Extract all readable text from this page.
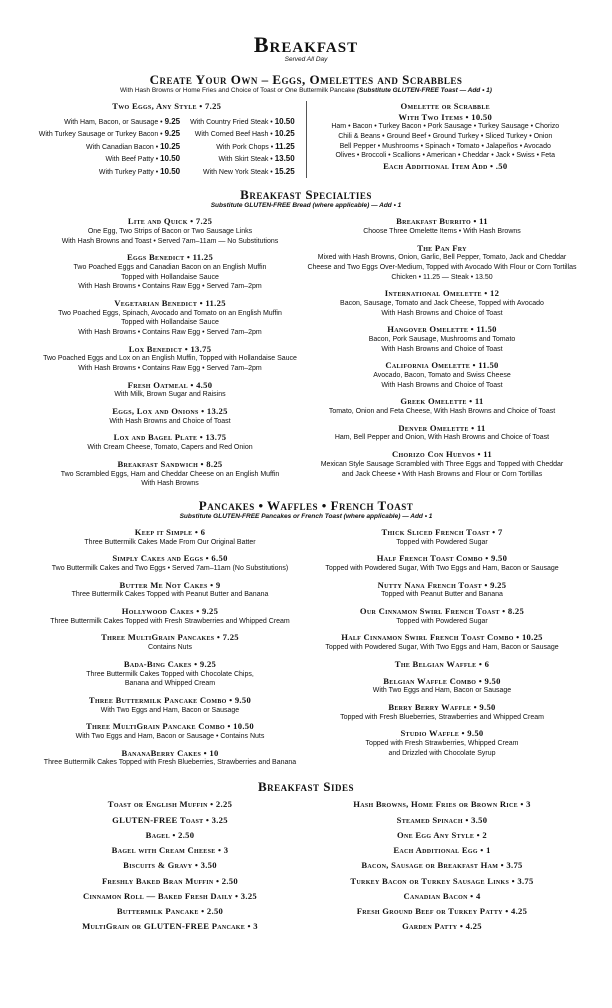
Breakfast
Served All Day
Create Your Own – Eggs, Omelettes and Scrabbles
With Hash Browns or Home Fries and Choice of Toast or One Buttermilk Pancake (Substitute GLUTEN-FREE Toast — Add • 1)
Two Eggs, Any Style • 7.25
With Ham, Bacon, or Sausage • 9.25
With Turkey Sausage or Turkey Bacon • 9.25
With Canadian Bacon • 10.25
With Beef Patty • 10.50
With Turkey Patty • 10.50
With Country Fried Steak • 10.50
With Corned Beef Hash • 10.25
With Pork Chops • 11.25
With Skirt Steak • 13.50
With New York Steak • 15.25
Omelette or Scrabble
With Two Items • 10.50
Ham • Bacon • Turkey Bacon • Pork Sausage • Turkey Sausage • Chorizo
Chili & Beans • Ground Beef • Ground Turkey • Sliced Turkey • Onion
Bell Pepper • Mushrooms • Spinach • Tomato • Jalapeños • Avocado
Olives • Broccoli • Scallions • American • Cheddar • Jack • Swiss • Feta
Each Additional Item Add • .50
Breakfast Specialties
Substitute GLUTEN-FREE Bread (where applicable) — Add • 1
Lite and Quick • 7.25
One Egg, Two Strips of Bacon or Two Sausage Links
With Hash Browns and Toast • Served 7am–11am — No Substitutions
Eggs Benedict • 11.25
Two Poached Eggs and Canadian Bacon on an English Muffin
Topped with Hollandaise Sauce
With Hash Browns • Contains Raw Egg • Served 7am–2pm
Vegetarian Benedict • 11.25
Two Poached Eggs, Spinach, Avocado and Tomato on an English Muffin
Topped with Hollandaise Sauce
With Hash Browns • Contains Raw Egg • Served 7am–2pm
Lox Benedict • 13.75
Two Poached Eggs and Lox on an English Muffin, Topped with Hollandaise Sauce
With Hash Browns • Contains Raw Egg • Served 7am–2pm
Fresh Oatmeal • 4.50
With Milk, Brown Sugar and Raisins
Eggs, Lox and Onions • 13.25
With Hash Browns and Choice of Toast
Lox and Bagel Plate • 13.75
With Cream Cheese, Tomato, Capers and Red Onion
Breakfast Sandwich • 8.25
Two Scrambled Eggs, Ham and Cheddar Cheese on an English Muffin
With Hash Browns
Breakfast Burrito • 11
Choose Three Omelette Items • With Hash Browns
The Pan Fry
Mixed with Hash Browns, Onion, Garlic, Bell Pepper, Tomato, Jack and Cheddar
Cheese and Two Eggs Over-Medium, Topped with Avocado With Flour or Corn Tortillas
Chicken • 11.25 — Steak • 13.50
International Omelette • 12
Bacon, Sausage, Tomato and Jack Cheese, Topped with Avocado
With Hash Browns and Choice of Toast
Hangover Omelette • 11.50
Bacon, Pork Sausage, Mushrooms and Tomato
With Hash Browns and Choice of Toast
California Omelette • 11.50
Avocado, Bacon, Tomato and Swiss Cheese
With Hash Browns and Choice of Toast
Greek Omelette • 11
Tomato, Onion and Feta Cheese, With Hash Browns and Choice of Toast
Denver Omelette • 11
Ham, Bell Pepper and Onion, With Hash Browns and Choice of Toast
Chorizo Con Huevos • 11
Mexican Style Sausage Scrambled with Three Eggs and Topped with Cheddar
and Jack Cheese • With Hash Browns and Flour or Corn Tortillas
Pancakes • Waffles • French Toast
Substitute GLUTEN-FREE Pancakes or French Toast (where applicable) — Add • 1
Keep it Simple • 6
Three Buttermilk Cakes Made From Our Original Batter
Simply Cakes and Eggs • 6.50
Two Buttermilk Cakes and Two Eggs • Served 7am–11am (No Substitutions)
Butter Me Not Cakes • 9
Three Buttermilk Cakes Topped with Peanut Butter and Banana
Hollywood Cakes • 9.25
Three Buttermilk Cakes Topped with Fresh Strawberries and Whipped Cream
Three MultiGrain Pancakes • 7.25
Contains Nuts
Bada-Bing Cakes • 9.25
Three Buttermilk Cakes Topped with Chocolate Chips,
Banana and Whipped Cream
Three Buttermilk Pancake Combo • 9.50
With Two Eggs and Ham, Bacon or Sausage
Three MultiGrain Pancake Combo • 10.50
With Two Eggs and Ham, Bacon or Sausage • Contains Nuts
BananaBerry Cakes • 10
Three Buttermilk Cakes Topped with Fresh Blueberries, Strawberries and Banana
Thick Sliced French Toast • 7
Topped with Powdered Sugar
Half French Toast Combo • 9.50
Topped with Powdered Sugar, With Two Eggs and Ham, Bacon or Sausage
Nutty Nana French Toast • 9.25
Topped with Peanut Butter and Banana
Our Cinnamon Swirl French Toast • 8.25
Topped with Powdered Sugar
Half Cinnamon Swirl French Toast Combo • 10.25
Topped with Powdered Sugar, With Two Eggs and Ham, Bacon or Sausage
The Belgian Waffle • 6
Belgian Waffle Combo • 9.50
With Two Eggs and Ham, Bacon or Sausage
Berry Berry Waffle • 9.50
Topped with Fresh Blueberries, Strawberries and Whipped Cream
Studio Waffle • 9.50
Topped with Fresh Strawberries, Whipped Cream
and Drizzled with Chocolate Syrup
Breakfast Sides
Toast or English Muffin • 2.25
GLUTEN-FREE Toast • 3.25
Bagel • 2.50
Bagel with Cream Cheese • 3
Biscuits & Gravy • 3.50
Freshly Baked Bran Muffin • 2.50
Cinnamon Roll — Baked Fresh Daily • 3.25
Buttermilk Pancake • 2.50
MultiGrain or GLUTEN-FREE Pancake • 3
Hash Browns, Home Fries or Brown Rice • 3
Steamed Spinach • 3.50
One Egg Any Style • 2
Each Additional Egg • 1
Bacon, Sausage or Breakfast Ham • 3.75
Turkey Bacon or Turkey Sausage Links • 3.75
Canadian Bacon • 4
Fresh Ground Beef or Turkey Patty • 4.25
Garden Patty • 4.25
